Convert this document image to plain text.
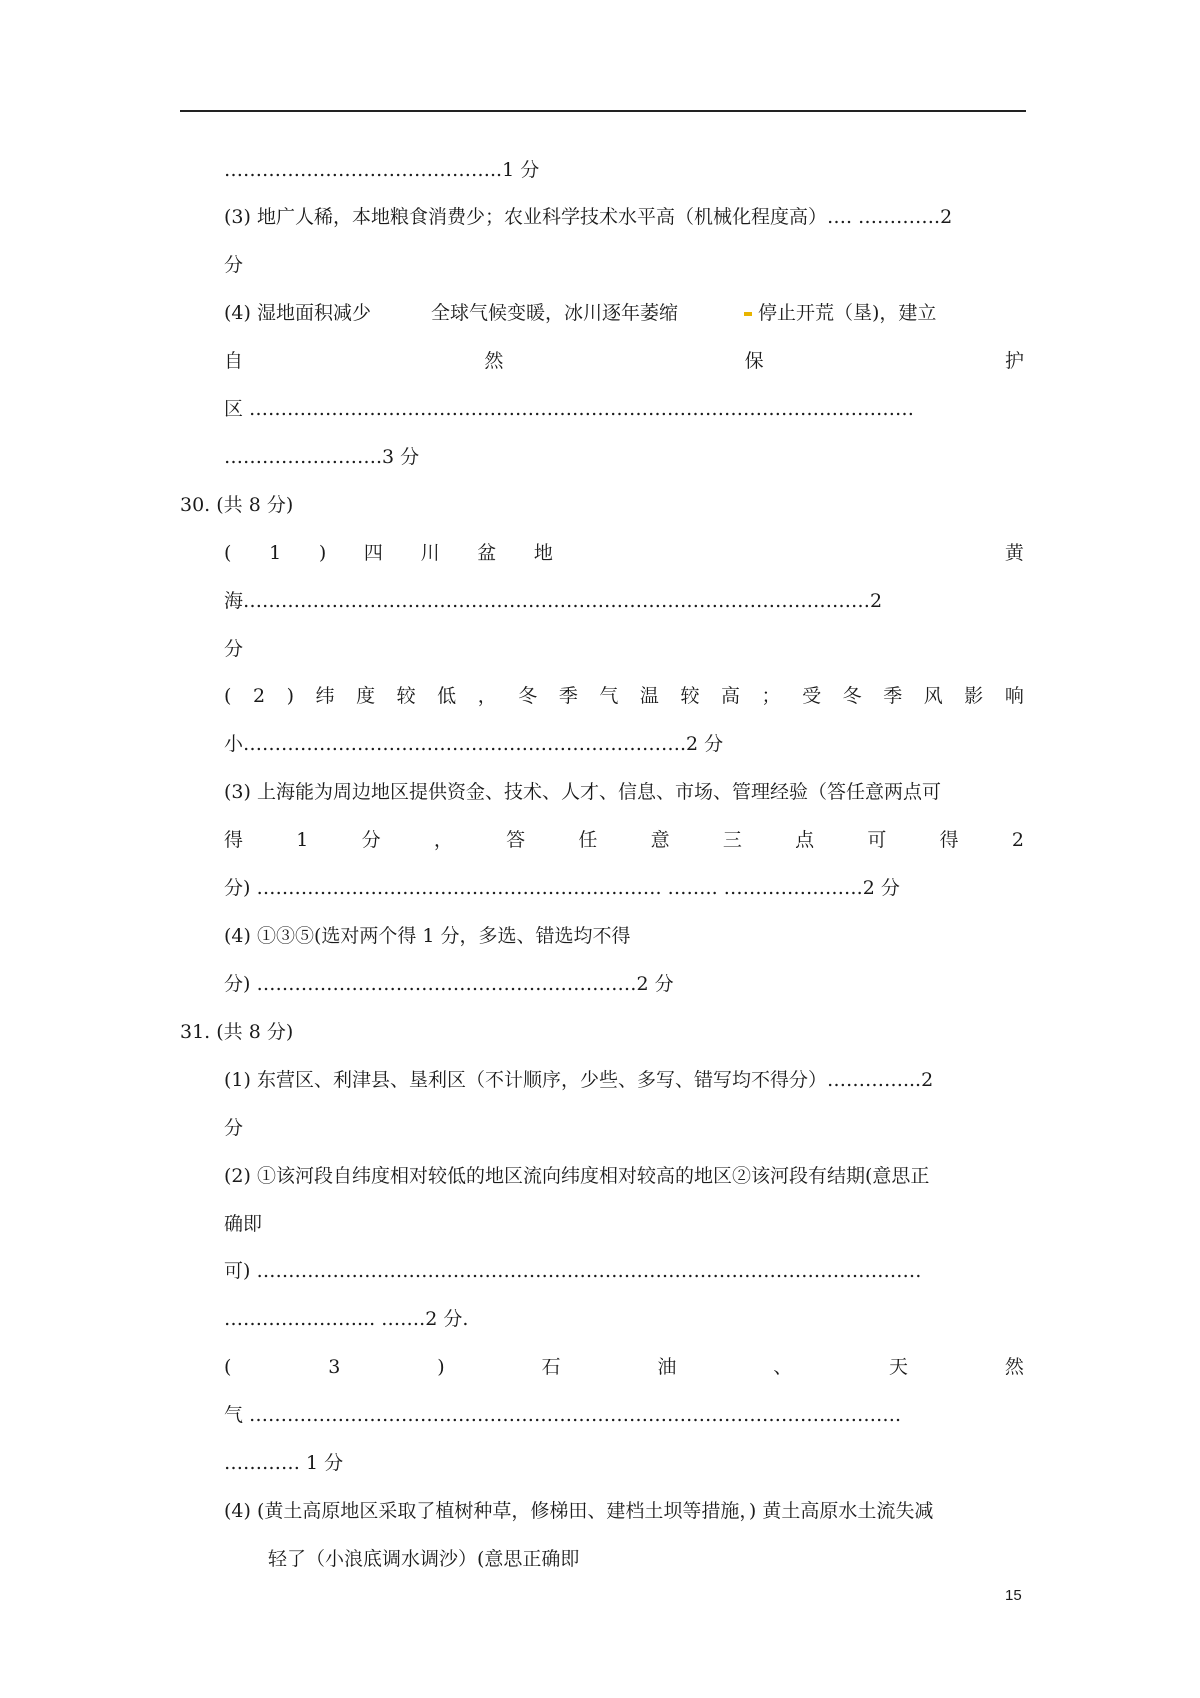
……………………………………..1 分
(3) 地广人稀，本地粮食消费少；农业科学技术水平高（机械化程度高）…. ………….2
分
(4) 湿地面积减少	全球气候变暖，冰川逐年萎缩	停止开荒（垦)，建立
自	然	保	护
区 ……………………………………………………………………………………………
…………………….3 分
30. (共 8 分)
( 1 ) 四 川 盆 地	黄
海………………………………………………………………………………………2
分
( 2 ) 纬 度 较 低 ， 冬 季 气 温 较 高 ； 受 冬 季 风 影 响
小…………………………………………………………….2 分
(3) 上海能为周边地区提供资金、技术、人才、信息、市场、管理经验（答任意两点可
得	1	分	，	答	任	意	三	点	可	得	2
分) ………………………………………………………. …….. ………………….2 分
(4) ①③⑤(选对两个得 1 分，多选、错选均不得
分) ……………………………………………………2 分
31. (共 8 分)
(1) 东营区、利津县、垦利区（不计顺序，少些、多写、错写均不得分）…………...2
分
(2) ①该河段自纬度相对较低的地区流向纬度相对较高的地区②该河段有结期(意思正
确即
可) ……………………………………………………………………………………………
…………………... …….2 分.
(	3	)	石	油	、	天	然
气 ………………………………………………………………………………………….
………… 1 分
(4) (黄土高原地区采取了植树种草，修梯田、建档土坝等措施，) 黄土高原水土流失减
轻了（小浪底调水调沙）(意思正确即
15
